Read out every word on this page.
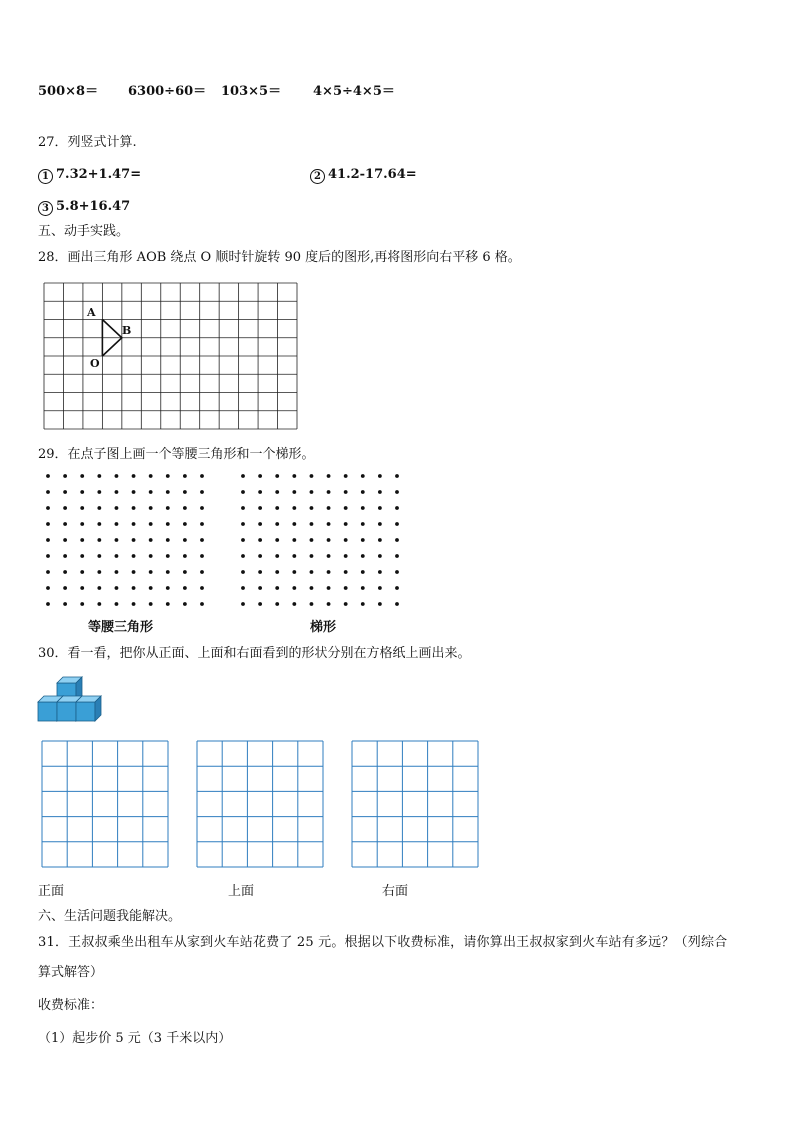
500×8＝ 6300÷60＝ 103×5＝ 4×5÷4×5＝
27．列竖式计算.
1 7.32+1.47=	2 41.2-17.64=
3 5.8+16.47
五、动手实践。
28．画出三角形 AOB 绕点 O 顺时针旋转 90 度后的图形,再将图形向右平移 6 格。
A
B
O
29．在点子图上画一个等腰三角形和一个梯形。
等腰三角形	梯形
30．看一看，把你从正面、上面和右面看到的形状分别在方格纸上画出来。
正面	上面	右面
六、生活问题我能解决。
31．王叔叔乘坐出租车从家到火车站花费了 25 元。根据以下收费标准，请你算出王叔叔家到火车站有多远？（列综合
算式解答）
收费标准：
（1）起步价 5 元（3 千米以内）
